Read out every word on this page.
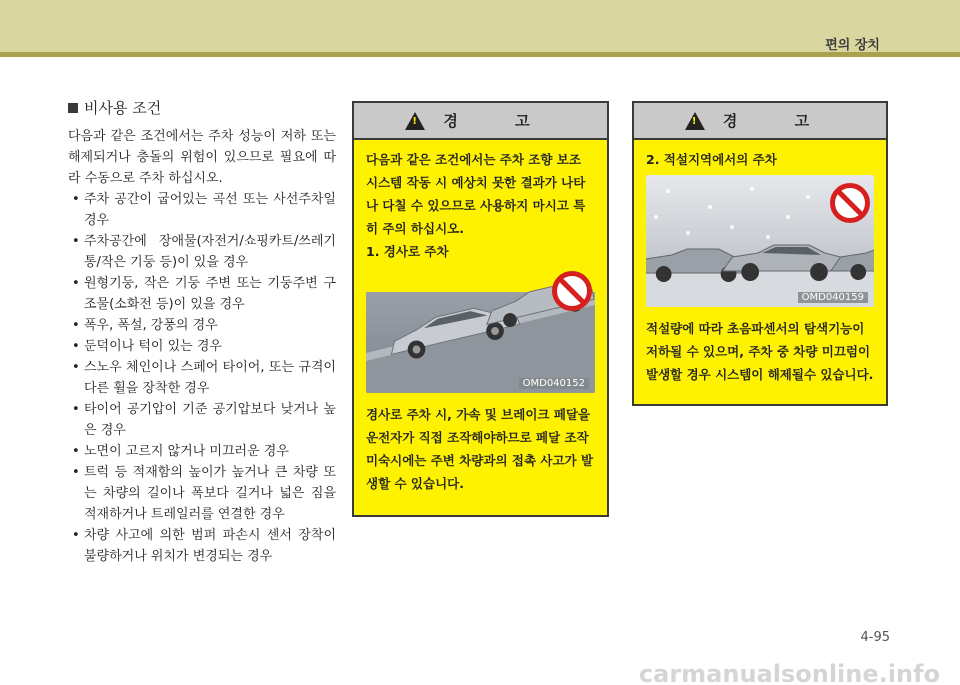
편의 장치
비사용 조건

다음과 같은 조건에서는 주차 성능이 저하 또는 해제되거나 충돌의 위험이 있으므로 필요에 따라 수동으로 주차 하십시오.

• 주차 공간이 굽어있는 곡선 또는 사선주차일 경우
• 주차공간에 장애물(자전거/쇼핑카트/쓰레기통/작은 기둥 등)이 있을 경우
• 원형기둥, 작은 기둥 주변 또는 기둥주변 구조물(소화전 등)이 있을 경우
• 폭우, 폭설, 강풍의 경우
• 둔덕이나 턱이 있는 경우
• 스노우 체인이나 스페어 타이어, 또는 규격이 다른 휠을 장착한 경우
• 타이어 공기압이 기준 공기압보다 낮거나 높은 경우
• 노면이 고르지 않거나 미끄러운 경우
• 트럭 등 적재함의 높이가 높거나 큰 차량 또는 차량의 길이나 폭보다 길거나 넓은 짐을 적재하거나 트레일러를 연결한 경우
• 차량 사고에 의한 범퍼 파손시 센서 장착이 불량하거나 위치가 변경되는 경우
! 경 고
다음과 같은 조건에서는 주차 조향 보조 시스템 작동 시 예상치 못한 결과가 나타나 다칠 수 있으므로 사용하지 마시고 특히 주의 하십시오.
1. 경사로 주차
OMD040152
경사로 주차 시, 가속 및 브레이크 페달을 운전자가 직접 조작해야하므로 페달 조작 미숙시에는 주변 차량과의 접촉 사고가 발생할 수 있습니다.
! 경 고
2. 적설지역에서의 주차
OMD040159
적설량에 따라 초음파센서의 탐색기능이 저하될 수 있으며, 주차 중 차량 미끄럼이 발생할 경우 시스템이 해제될수 있습니다.
4-95
carmanualsonline.info
